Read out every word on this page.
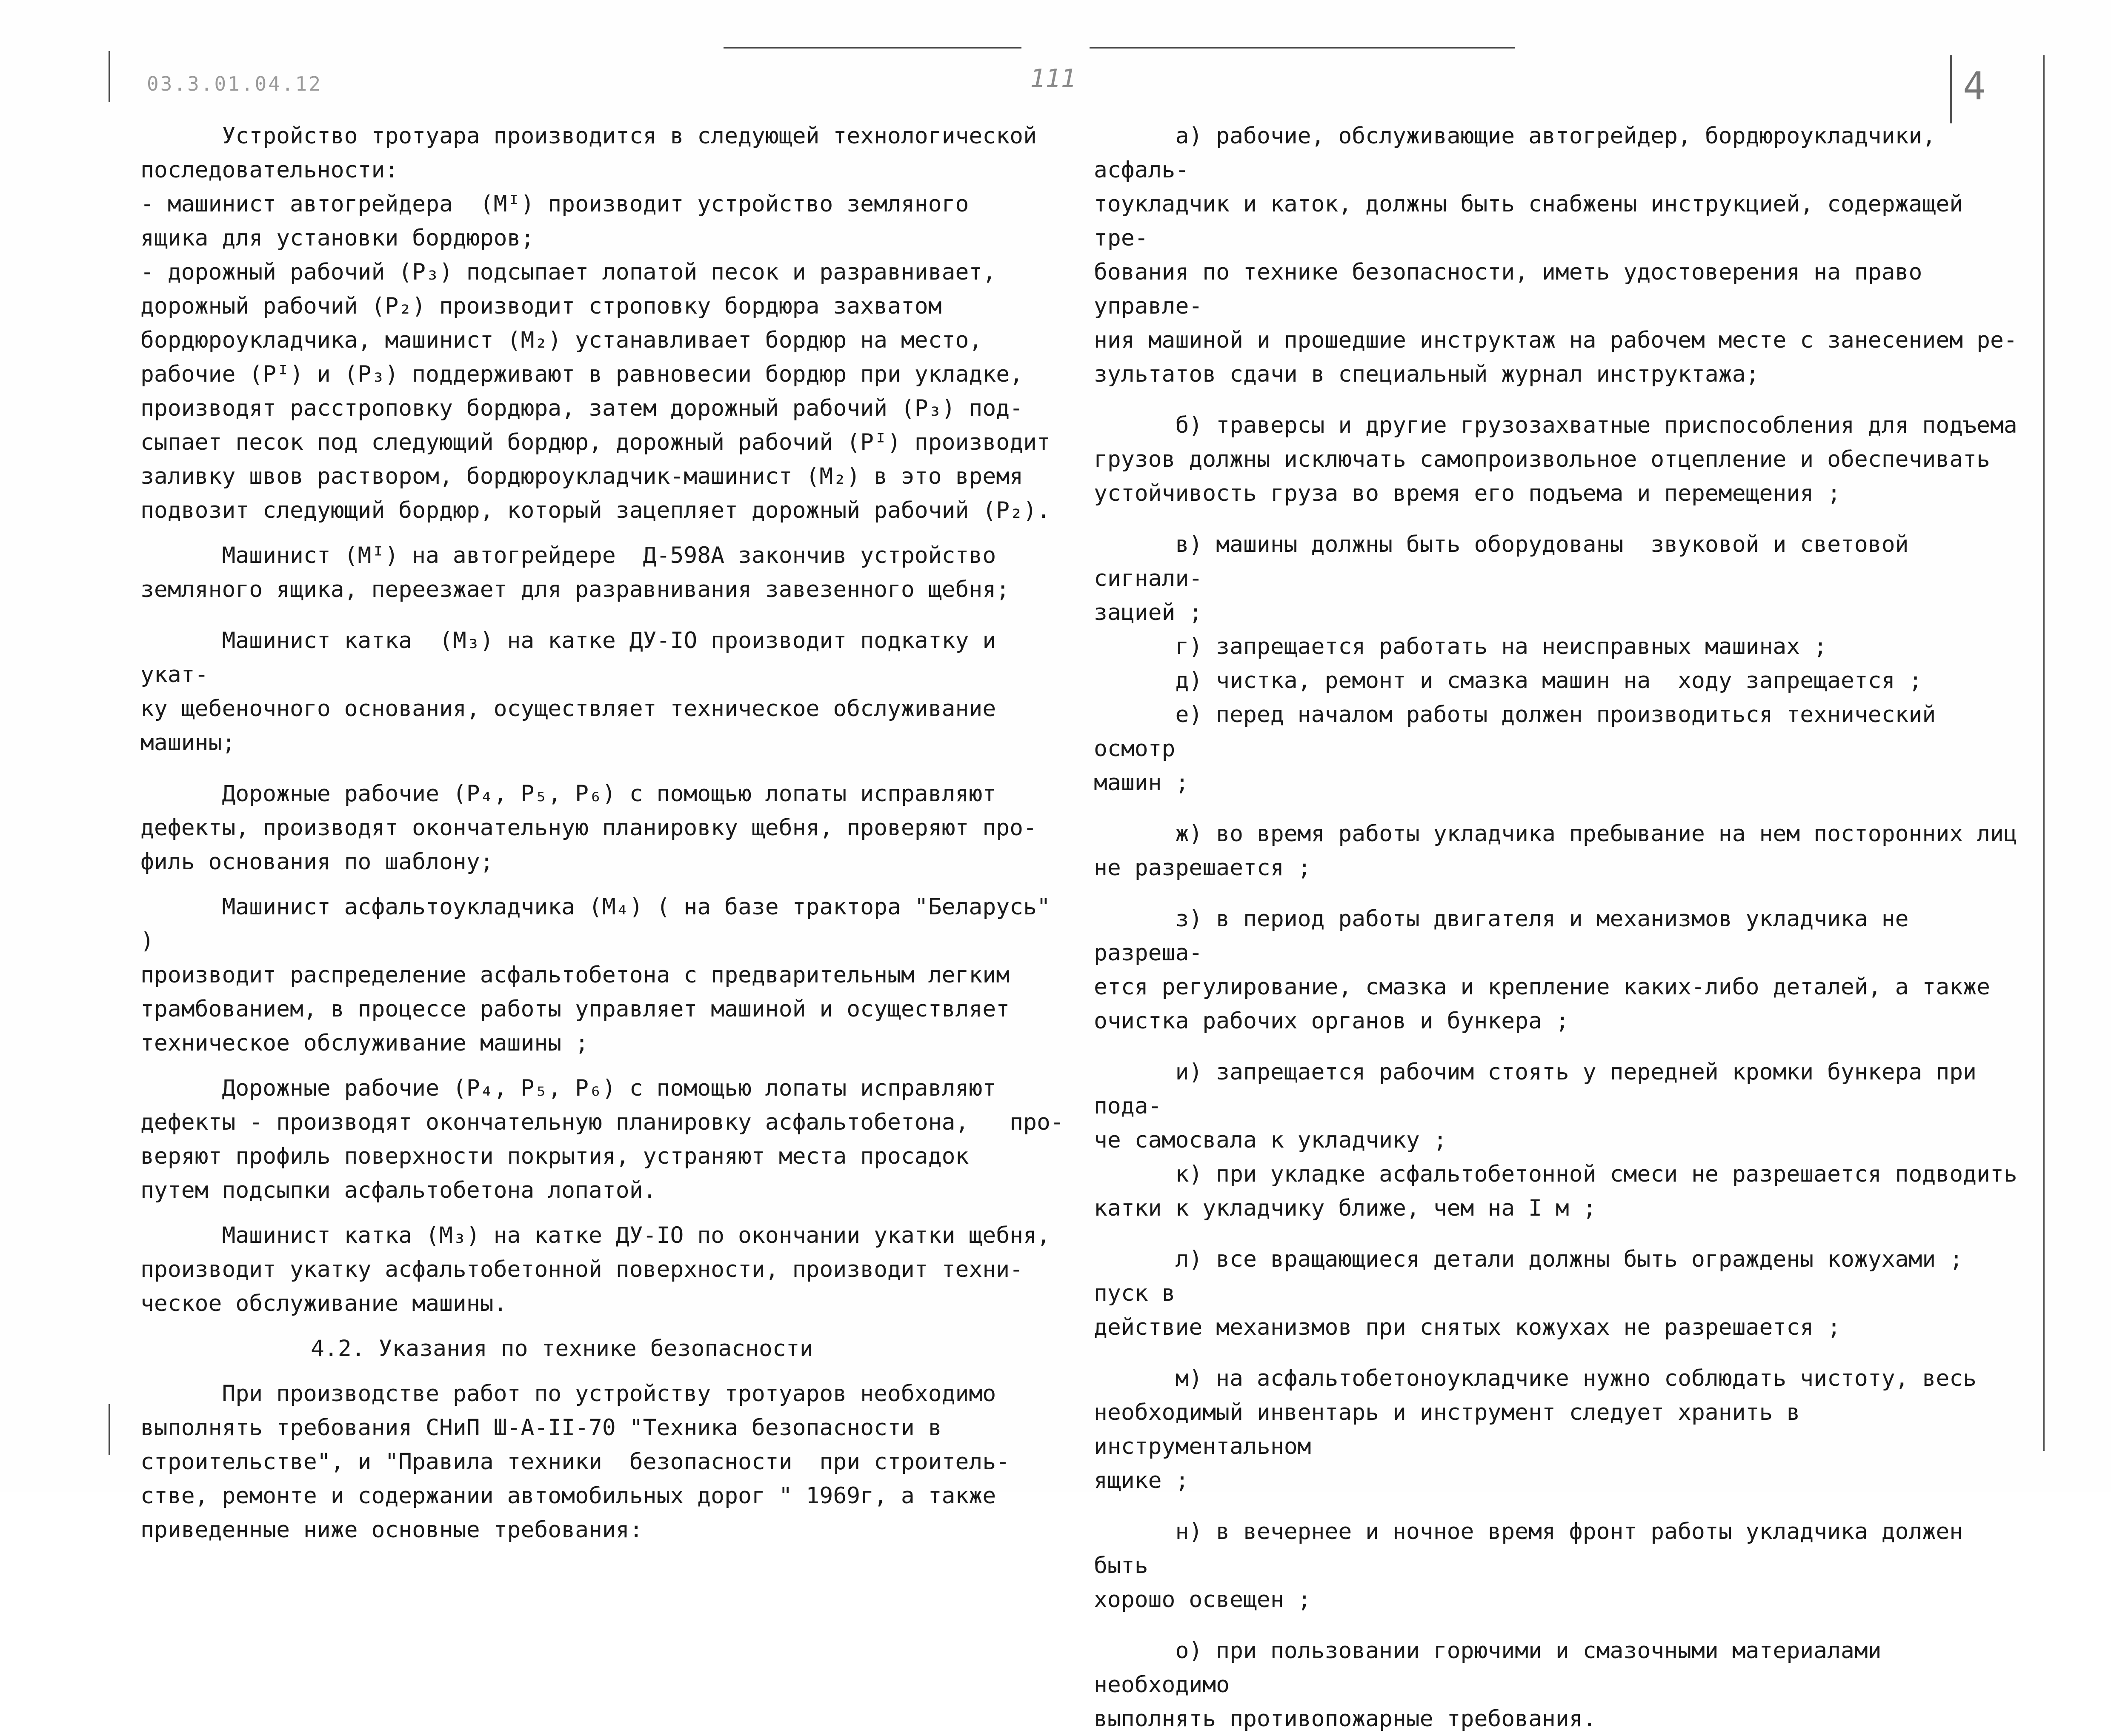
03.3.01.04.12	111	4

Устройство тротуара производится в следующей технологической
последовательности:
- машинист автогрейдера  (Mᴵ) производит устройство земляного
ящика для установки бордюров;
- дорожный рабочий (P₃) подсыпает лопатой песок и разравнивает,
дорожный рабочий (P₂) производит строповку бордюра захватом
бордюроукладчика, машинист (M₂) устанавливает бордюр на место,
рабочие (Pᴵ) и (P₃) поддерживают в равновесии бордюр при укладке,
производят расстроповку бордюра, затем дорожный рабочий (P₃) под-
сыпает песок под следующий бордюр, дорожный рабочий (Pᴵ) производит
заливку швов раствором, бордюроукладчик-машинист (M₂) в это время
подвозит следующий бордюр, который зацепляет дорожный рабочий (P₂).

Машинист (Mᴵ) на автогрейдере  Д-598А закончив устройство
земляного ящика, переезжает для разравнивания завезенного щебня;

Машинист катка  (M₃) на катке ДУ-IO производит подкатку и укат-
ку щебеночного основания, осуществляет техническое обслуживание
машины;

Дорожные рабочие (P₄, P₅, P₆) с помощью лопаты исправляют
дефекты, производят окончательную планировку щебня, проверяют про-
филь основания по шаблону;

Машинист асфальтоукладчика (M₄) ( на базе трактора "Беларусь" )
производит распределение асфальтобетона с предварительным легким
трамбованием, в процессе работы управляет машиной и осуществляет
техническое обслуживание машины ;

Дорожные рабочие (P₄, P₅, P₆) с помощью лопаты исправляют
дефекты - производят окончательную планировку асфальтобетона,   про-
веряют профиль поверхности покрытия, устраняют места просадок
путем подсыпки асфальтобетона лопатой.

Машинист катка (M₃) на катке ДУ-IO по окончании укатки щебня,
производит укатку асфальтобетонной поверхности, производит техни-
ческое обслуживание машины.

4.2. Указания по технике безопасности

При производстве работ по устройству тротуаров необходимо
выполнять требования СНиП Ш-А-II-70 "Техника безопасности в
строительстве", и "Правила техники  безопасности  при строитель-
стве, ремонте и содержании автомобильных дорог " 1969г, а также
приведенные ниже основные требования:

а) рабочие, обслуживающие автогрейдер, бордюроукладчики, асфаль-
тоукладчик и каток, должны быть снабжены инструкцией, содержащей тре-
бования по технике безопасности, иметь удостоверения на право управле-
ния машиной и прошедшие инструктаж на рабочем месте с занесением ре-
зультатов сдачи в специальный журнал инструктажа;

б) траверсы и другие грузозахватные приспособления для подъема
грузов должны исключать самопроизвольное отцепление и обеспечивать
устойчивость груза во время его подъема и перемещения ;

в) машины должны быть оборудованы  звуковой и световой сигнали-
зацией ;

г) запрещается работать на неисправных машинах ;

д) чистка, ремонт и смазка машин на  ходу запрещается ;

е) перед началом работы должен производиться технический осмотр
машин ;

ж) во время работы укладчика пребывание на нем посторонних лиц
не разрешается ;

з) в период работы двигателя и механизмов укладчика не разреша-
ется регулирование, смазка и крепление каких-либо деталей, а также
очистка рабочих органов и бункера ;

и) запрещается рабочим стоять у передней кромки бункера при пода-
че самосвала к укладчику ;

к) при укладке асфальтобетонной смеси не разрешается подводить
катки к укладчику ближе, чем на I м ;

л) все вращающиеся детали должны быть ограждены кожухами ; пуск в
действие механизмов при снятых кожухах не разрешается ;

м) на асфальтобетоноукладчике нужно соблюдать чистоту, весь
необходимый инвентарь и инструмент следует хранить в инструментальном
ящике ;

н) в вечернее и ночное время фронт работы укладчика должен быть
хорошо освещен ;

о) при пользовании горючими и смазочными материалами необходимо
выполнять противопожарные требования.
